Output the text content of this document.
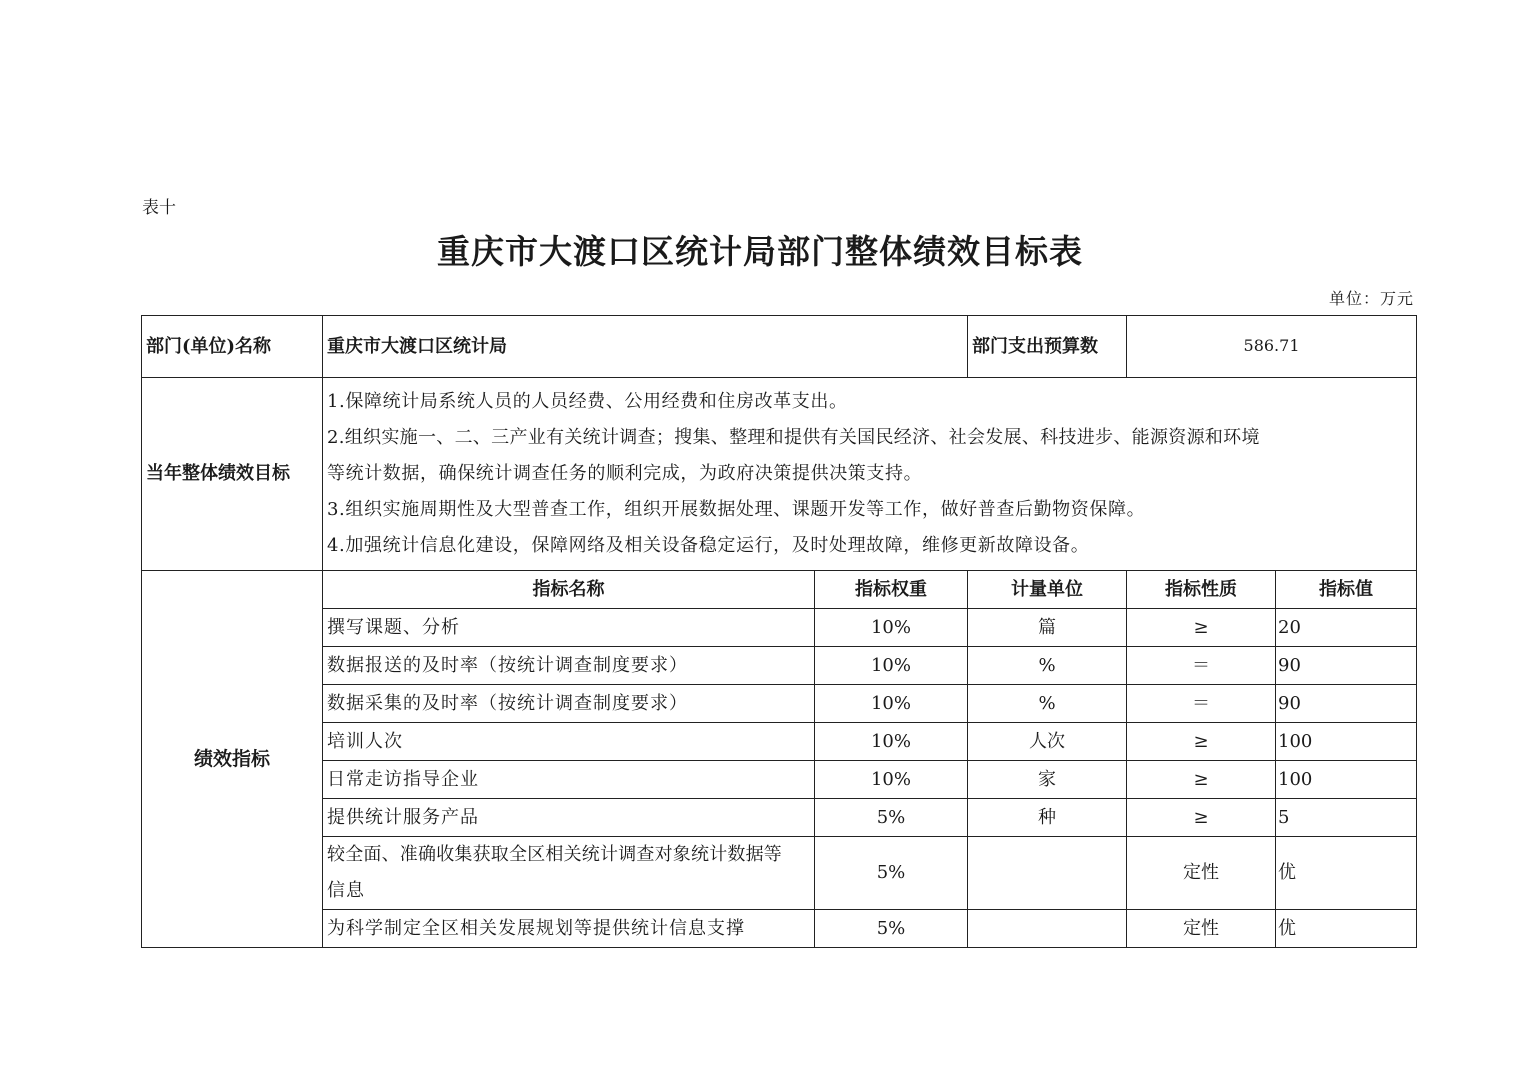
表十
重庆市大渡口区统计局部门整体绩效目标表
单位：万元
部门(单位)名称	重庆市大渡口区统计局		部门支出预算数	586.71	
当年整体绩效目标	1.保障统计局系统人员的人员经费、公用经费和住房改革支出。
2.组织实施一、二、三产业有关统计调查；搜集、整理和提供有关国民经济、社会发展、科技进步、能源资源和环境
等统计数据，确保统计调查任务的顺利完成，为政府决策提供决策支持。
3.组织实施周期性及大型普查工作，组织开展数据处理、课题开发等工作，做好普查后勤物资保障。
4.加强统计信息化建设，保障网络及相关设备稳定运行，及时处理故障，维修更新故障设备。				

绩效指标	指标名称	指标权重	计量单位	指标性质	指标值
	撰写课题、分析	10%	篇	≥	20
	数据报送的及时率（按统计调查制度要求）	10%	%	＝	90
	数据采集的及时率（按统计调查制度要求）	10%	%	＝	90
	培训人次	10%	人次	≥	100
	日常走访指导企业	10%	家	≥	100
	提供统计服务产品	5%	种	≥	5

	较全面、准确收集获取全区相关统计调查对象统计数据等
信息	5%		定性	优
	为科学制定全区相关发展规划等提供统计信息支撑	5%		定性	优
